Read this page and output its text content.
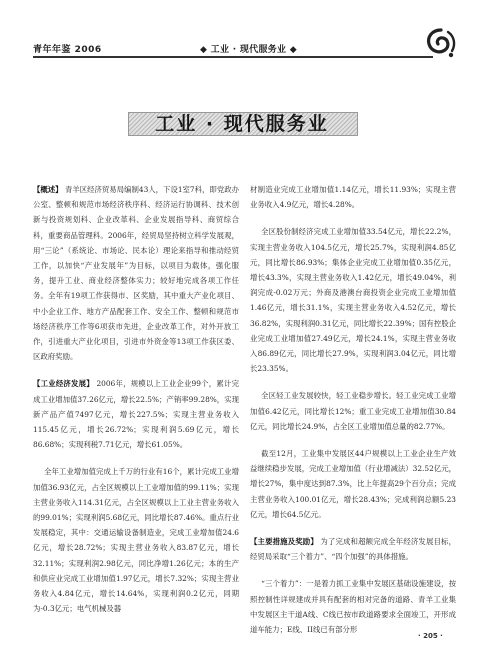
青年年鉴 2006	◆ 工业 · 现代服务业 ◆
工业 · 现代服务业

【概述】 青羊区经济贸易局编制43人，下设1室7科，即党政办公室、整顿和规范市场经济秩序科、经济运行协调科、技术创新与投资规划科、企业改革科、企业发展指导科、商贸综合科，重要商品管理科。2006年，经贸局坚持树立科学发展观，用“三论”（系统论、市场论、民本论）理论来指导和推动经贸工作，以加快“产业发展年”为目标，以项目为载体，强化服务，提升工业、商业经济整体实力；较好地完成各项工作任务。全年有19项工作获得市、区奖励，其中重大产业化项目、中小企业工作、地方产品配套工作、安全工作、整顿和规范市场经济秩序工作等6项获市先进，企业改革工作，对外开放工作，引进重大产业化项目，引进市外资金等13项工作获区委、区政府奖励。

【工业经济发展】 2006年，规模以上工业企业99个，累计完成工业增加值37.26亿元，增长22.5%；产销率99.28%，实现新产品产值7497亿元，增长227.5%；实现主营业务收入115.45亿元，增长26.72%；实现利润5.69亿元，增长86.68%；实现利税7.71亿元，增长61.05%。

全年工业增加值完成上千万的行业有16个，累计完成工业增加值36.93亿元，占全区规模以上工业增加值的99.11%；实现主营业务收入114.31亿元，占全区规模以上工业主营业务收入的99.01%；实现利润5.68亿元，同比增长87.46%。重点行业发展稳定，其中：交通运输设备制造业，完成工业增加值24.6亿元，增长28.72%；实现主营业务收入83.87亿元，增长32.11%；实现利润2.98亿元，同比净增1.26亿元；本的生产和供应业完成工业增加值1.97亿元，增长7.32%；实现主营业务收入4.84亿元，增长14.64%，实现利润0.2亿元，同期为-0.3亿元；电气机械及器

材制造业完成工业增加值1.14亿元，增长11.93%；实现主营业务收入4.9亿元，增长4.28%。

全区股份制经济完成工业增加值33.54亿元，增长22.2%，实现主营业务收入104.5亿元，增长25.7%，实现利润4.85亿元，同比增长86.93%；集体企业完成工业增加值0.35亿元，增长43.3%，实现主营业务收入1.42亿元，增长49.04%，利润完成-0.02万元；外商及港澳台商投资企业完成工业增加值1.46亿元，增长31.1%，实现主营业务收入4.52亿元，增长36.82%，实现利润0.31亿元，同比增长22.39%；国有控股企业完成工业增加值27.49亿元，增长24.1%，实现主营业务收入86.89亿元，同比增长27.9%，实现利润3.04亿元，同比增长23.35%。

全区轻工业发展较快，轻工业稳步增长。轻工业完成工业增加值6.42亿元，同比增长12%；重工业完成工业增加值30.84亿元，同比增长24.9%，占全区工业增加值总量的82.77%。

截至12月，工业集中发展区44户规模以上工业企业生产效益继续稳步发展，完成工业增加值（行业增减法）32.52亿元，增长27%，集中度达到87.3%，比上年提高29个百分点；完成主营业务收入100.01亿元，增长28.43%；完成利润总额5.23亿元，增长64.5亿元。

【主要措施及奖励】 为了完成和超额完成全年经济发展目标，经贸局采取“三个着力”、“四个加强”的具体措施。

“三个着力”：一是着力抓工业集中发展区基础设施建设，按照控制性详规建成并具有配套的相对完备的道路、青羊工业集中发展区主干道A线、C线已按市政道路要求全面竣工，开形成道车能力；E线、II线已有部分形

· 205 ·
